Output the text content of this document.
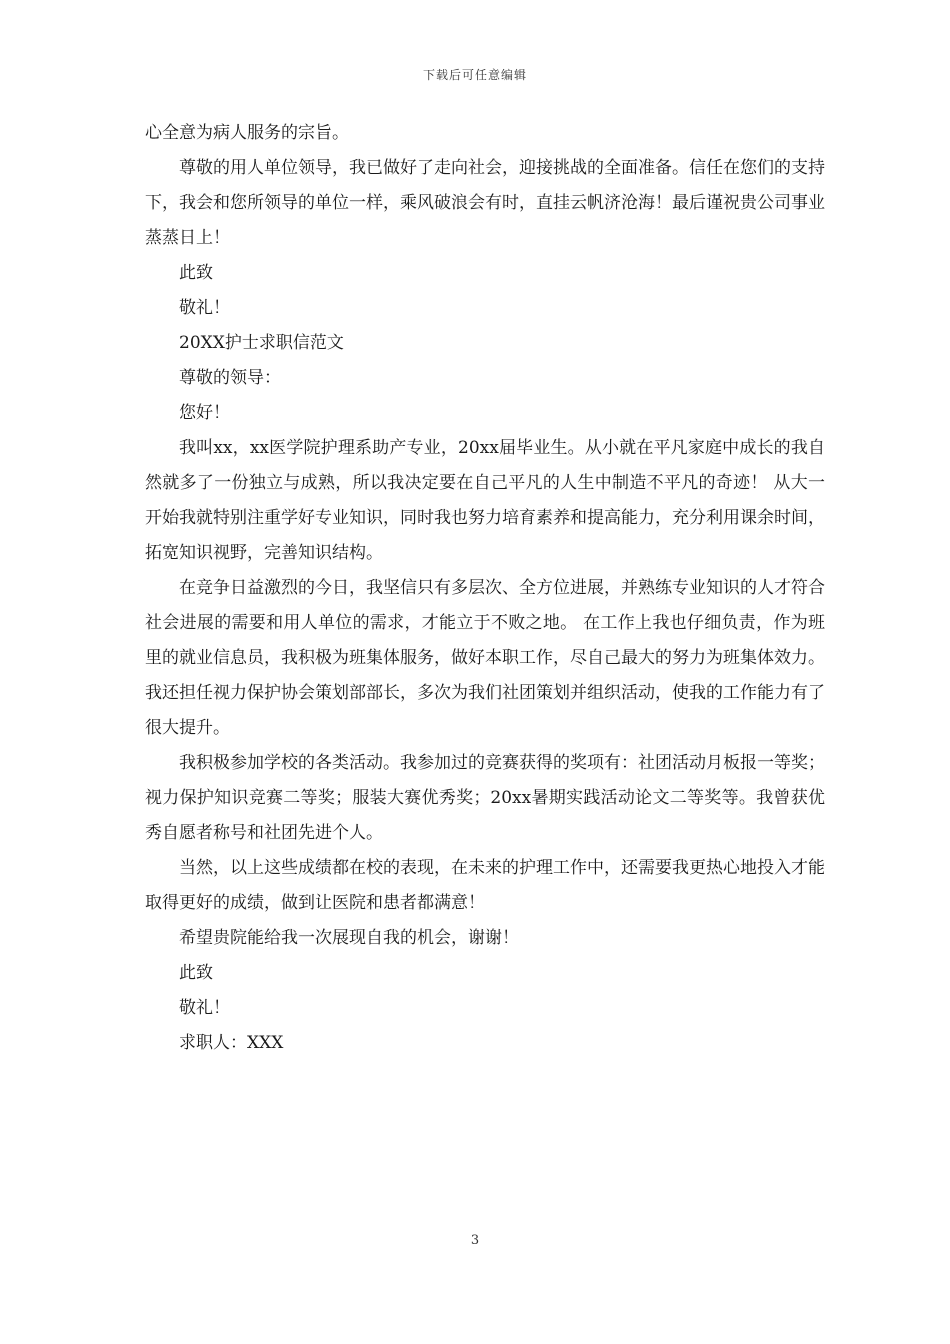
下载后可任意编辑

心全意为病人服务的宗旨。

尊敬的用人单位领导，我已做好了走向社会，迎接挑战的全面准备。信任在您们的支持下，我会和您所领导的单位一样，乘风破浪会有时，直挂云帆济沧海！最后谨祝贵公司事业蒸蒸日上！

此致

敬礼！

20XX护士求职信范文

尊敬的领导：

您好！

我叫xx，xx医学院护理系助产专业，20xx届毕业生。从小就在平凡家庭中成长的我自然就多了一份独立与成熟，所以我决定要在自己平凡的人生中制造不平凡的奇迹！ 从大一开始我就特别注重学好专业知识，同时我也努力培育素养和提高能力，充分利用课余时间，拓宽知识视野，完善知识结构。

在竞争日益激烈的今日，我坚信只有多层次、全方位进展，并熟练专业知识的人才符合社会进展的需要和用人单位的需求，才能立于不败之地。 在工作上我也仔细负责，作为班里的就业信息员，我积极为班集体服务，做好本职工作，尽自己最大的努力为班集体效力。我还担任视力保护协会策划部部长，多次为我们社团策划并组织活动，使我的工作能力有了很大提升。

我积极参加学校的各类活动。我参加过的竞赛获得的奖项有：社团活动月板报一等奖；视力保护知识竞赛二等奖；服装大赛优秀奖；20xx暑期实践活动论文二等奖等。我曾获优秀自愿者称号和社团先进个人。

当然，以上这些成绩都在校的表现，在未来的护理工作中，还需要我更热心地投入才能取得更好的成绩，做到让医院和患者都满意！

希望贵院能给我一次展现自我的机会，谢谢！

此致

敬礼！

求职人：XXX

3
